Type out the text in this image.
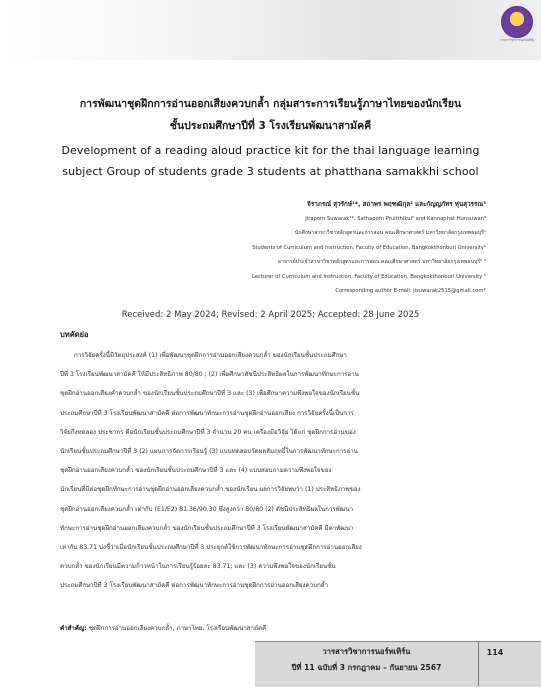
วารสารวิชาการนอร์ทเทิร์น
การพัฒนาชุดฝึกการอ่านออกเสียงควบกล้ำ กลุ่มสาระการเรียนรู้ภาษาไทยของนักเรียน
ชั้นประถมศึกษาปีที่ 3 โรงเรียนพัฒนาสามัคคี
Development of a reading aloud practice kit for the thai language learning
subject Group of students grade 3 students at phatthana samakkhi school
จิราภรณ์ สุวรักษ์¹*, สถาพร พฤฑฒิกุล² และกัญญภัทร หุ่นสุวรรณ³
Jiraporn Suwarak¹*, Sathaporn Pruitthikul² and Kannaphat Hunsuwan³
นักศึกษาสาขาวิชาหลักสูตรและการสอน คณะศึกษาศาสตร์ มหาวิทยาลัยกรุงเทพธนบุรี¹
Students of Curriculum and Instruction, Faculty of Education, Bangkokthonburi University¹
อาจารย์ประจำสาขาวิชาหลักสูตรและการสอน คณะศึกษาศาสตร์ มหาวิทยาลัยกรุงเทพธนบุรี²·³
Lecturer of Curriculum and Instruction, Faculty of Education, Bangkokthonburi University ¹
Corresponding author E-mail: jisuwarak2515@gmail.com*
Received: 2 May 2024; Revised: 2 April 2025; Accepted: 28 June 2025
บทคัดย่อ
การวิจัยครั้งนี้มีวัตถุประสงค์ (1) เพื่อพัฒนาชุดฝึกการอ่านออกเสียงควบกล้ำ ของนักเรียนชั้นประถมศึกษา
ปีที่ 3 โรงเรียนพัฒนาสามัคคี ให้มีประสิทธิภาพ 80/80 ; (2) เพื่อศึกษาดัชนีประสิทธิผลในการพัฒนาทักษะการอ่าน
ชุดฝึกอ่านออกเสียงคำควบกล้ำ ของนักเรียนชั้นประถมศึกษาปีที่ 3 และ (3) เพื่อศึกษาความพึงพอใจของนักเรียนชั้น
ประถมศึกษาปีที่ 3 โรงเรียนพัฒนาสามัคคี ต่อการพัฒนาทักษะการอ่านชุดฝึกอ่านออกเสียง การวิจัยครั้งนี้เป็นการ
วิจัยกึ่งทดลอง ประชากร คือนักเรียนชั้นประถมศึกษาปีที่ 3 จำนวน 20 คน เครื่องมือวิจัย ได้แก่ ชุดฝึกการอ่านของ
นักเรียนชั้นประถมศึกษาปีที่ 3 (2) แผนการจัดการเรียนรู้ (3) แบบทดสอบวัดผลสัมฤทธิ์ในการพัฒนาทักษะการอ่าน
ชุดฝึกอ่านออกเสียงควบกล้ำ ของนักเรียนชั้นประถมศึกษาปีที่ 3 และ (4) แบบสอบถามความพึงพอใจของ
นักเรียนที่มีต่อชุดฝึกทักษะการอ่านชุดฝึกอ่านออกเสียงควบกล้ำ ของนักเรียน ผลการวิจัยพบว่า (1) ประสิทธิภาพของ
ชุดฝึกอ่านออกเสียงควบกล้ำ เท่ากับ (E1/E2) 81.36/90.30 ซึ่งสูงกว่า 80/80 (2) ดัชนีประสิทธิผลในการพัฒนา
ทักษะการอ่านชุดฝึกอ่านออกเสียงควบกล้ำ ของนักเรียนชั้นประถมศึกษาปีที่ 3 โรงเรียนพัฒนาสามัคคี มีค่าพัฒนา
เท่ากับ 83.71 บ่งชี้ว่าเมื่อนักเรียนชั้นประถมศึกษาปีที่ 3 ประยุกต์ใช้การพัฒนาทักษะการอ่านชุดฝึกการอ่านออกเสียง
ควบกล้ำ ของนักเรียนมีความก้าวหน้าในการเรียนรู้ร้อยละ 83.71; และ (3) ความพึงพอใจของนักเรียนชั้น
ประถมศึกษาปีที่ 3 โรงเรียนพัฒนาสามัคคี ต่อการพัฒนาทักษะการอ่านชุดฝึกการอ่านออกเสียงควบกล้ำ
คำสำคัญ: ชุดฝึกการอ่านออกเสียงควบกล้ำ, ภาษาไทย, โรงเรียนพัฒนาสามัคคี
วารสารวิชาการนอร์ทเทิร์น
ปีที่ 11 ฉบับที่ 3 กรกฎาคม – กันยายน 2567
114
